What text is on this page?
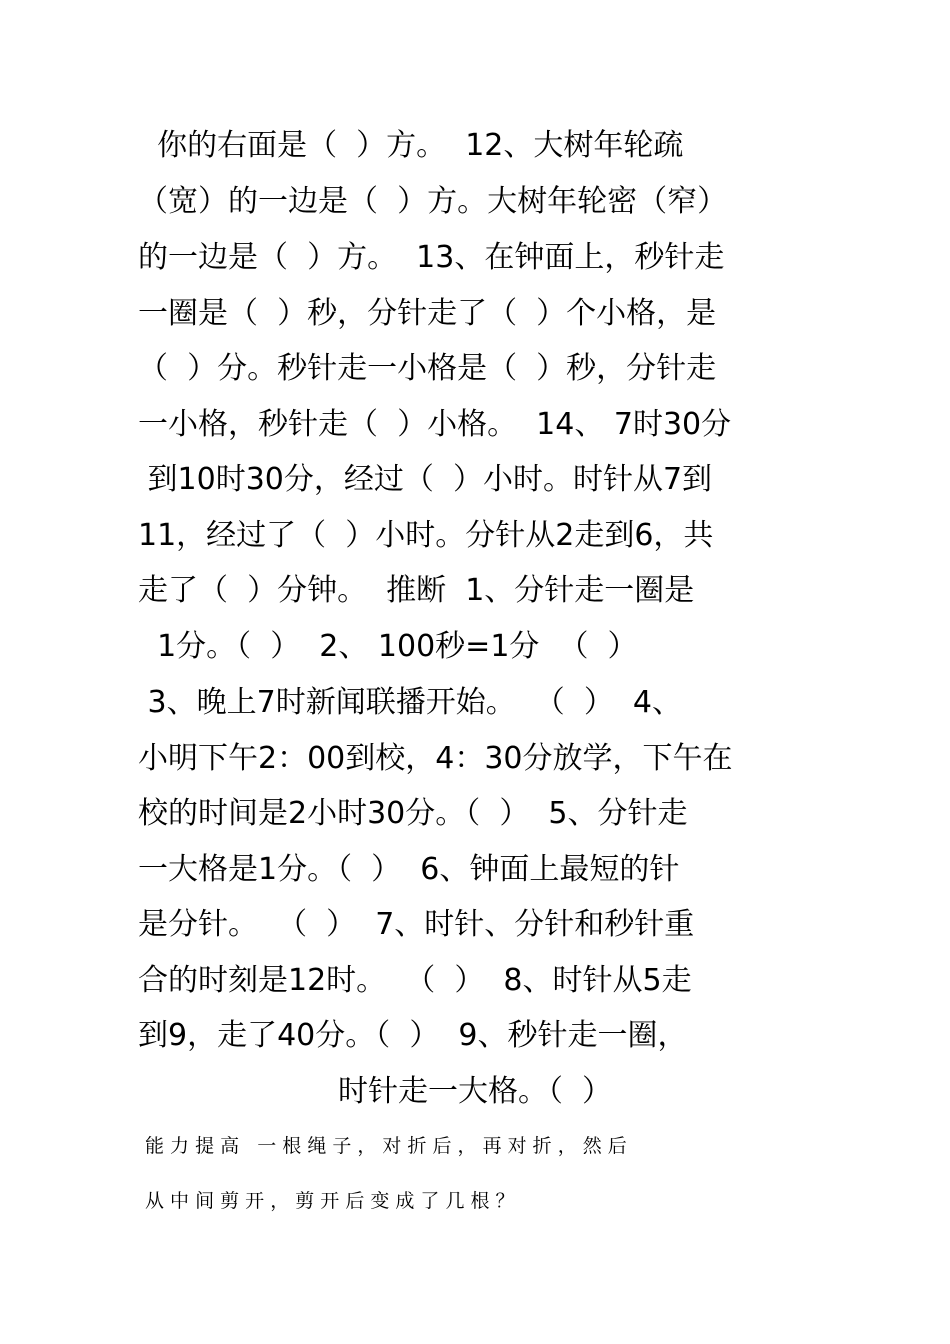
你的右面是（  ）方。  12、大树年轮疏
（宽）的一边是（  ）方。大树年轮密（窄）
的一边是（  ）方。  13、在钟面上，秒针走
一圈是（  ）秒，分针走了（  ）个小格，是
（  ）分。秒针走一小格是（  ）秒，分针走
一小格，秒针走（  ）小格。  14、 7时30分
到10时30分，经过（  ）小时。时针从7到
11，经过了（  ）小时。分针从2走到6，共
走了（  ）分钟。  推断  1、分针走一圈是
1分。（  ）  2、 100秒=1分  （  ）
3、晚上7时新闻联播开始。  （  ）  4、
小明下午2：00到校，4：30分放学，下午在
校的时间是2小时30分。（  ）  5、分针走
一大格是1分。（  ）  6、钟面上最短的针
是分针。  （  ）  7、时针、分针和秒针重
合的时刻是12时。  （  ）  8、时针从5走
到9，走了40分。（  ）  9、秒针走一圈，
时针走一大格。（  ）
能 力 提 高   一 根 绳 子 ， 对 折 后 ， 再 对 折 ， 然 后
从 中 间 剪 开 ， 剪 开 后 变 成 了 几 根 ？
